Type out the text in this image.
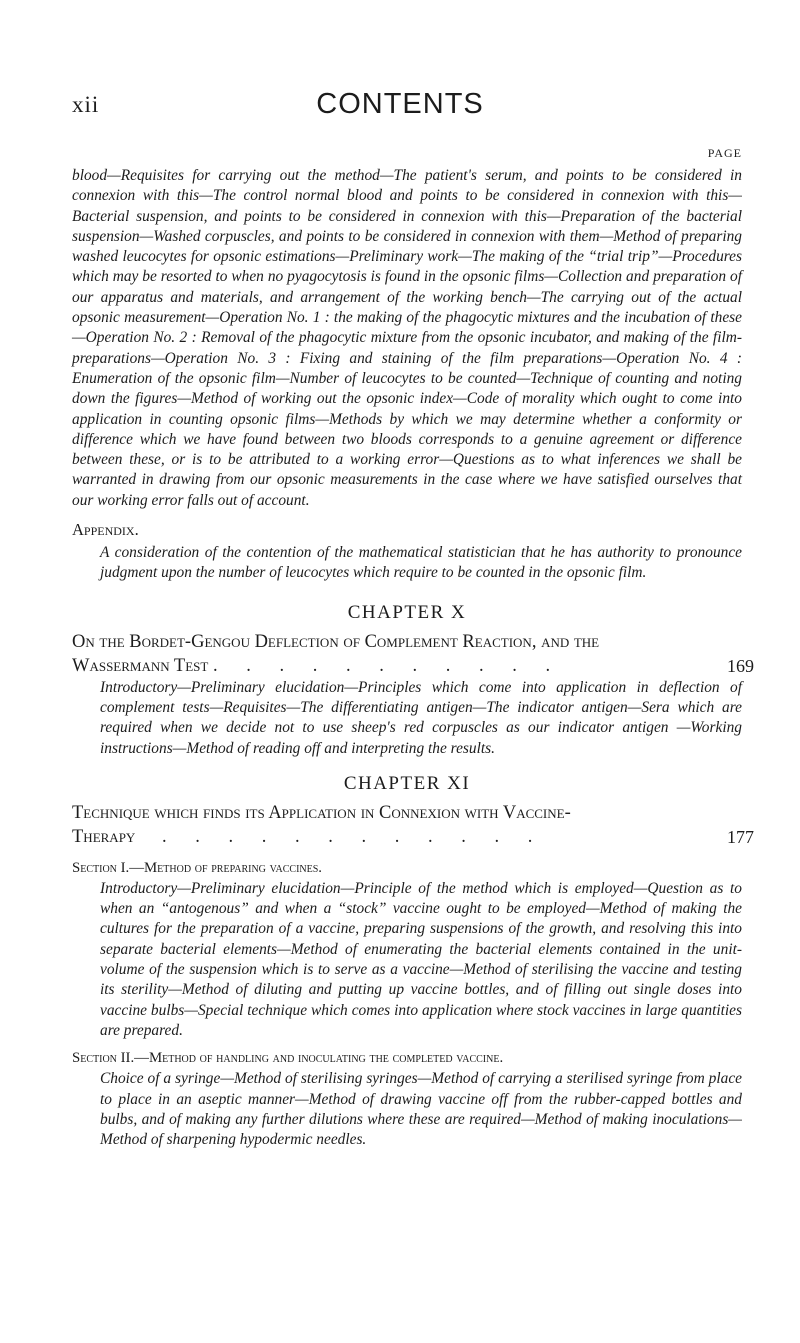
xii	CONTENTS
PAGE

blood—Requisites for carrying out the method—The patient's serum, and points to be considered in connexion with this—The control normal blood and points to be considered in connexion with this—Bacterial suspension, and points to be considered in connexion with this—Preparation of the bacterial suspension—Washed corpuscles, and points to be considered in connexion with them—Method of preparing washed leucocytes for opsonic estimations—Preliminary work—The making of the “trial trip”—Procedures which may be resorted to when no pyagocytosis is found in the opsonic films—Collection and preparation of our apparatus and materials, and arrangement of the working bench—The carrying out of the actual opsonic measurement—Operation No. 1 : the making of the phagocytic mixtures and the incubation of these—Operation No. 2 : Removal of the phagocytic mixture from the opsonic incubator, and making of the film-preparations—Operation No. 3 : Fixing and staining of the film preparations—Operation No. 4 : Enumeration of the opsonic film—Number of leucocytes to be counted—Technique of counting and noting down the figures—Method of working out the opsonic index—Code of morality which ought to come into application in counting opsonic films—Methods by which we may determine whether a conformity or difference which we have found between two bloods corresponds to a genuine agreement or difference between these, or is to be attributed to a working error—Questions as to what inferences we shall be warranted in drawing from our opsonic measurements in the case where we have satisfied ourselves that our working error falls out of account.

Appendix.

A consideration of the contention of the mathematical statistician that he has authority to pronounce judgment upon the number of leucocytes which require to be counted in the opsonic film.

CHAPTER X
On the Bordet-Gengou Deflection of Complement Reaction, and the
Wassermann Test . . . . . . . . . . .	169

Introductory—Preliminary elucidation—Principles which come into application in deflection of complement tests—Requisites—The differentiating antigen—The indicator antigen—Sera which are required when we decide not to use sheep's red corpuscles as our indicator antigen —Working instructions—Method of reading off and interpreting the results.

CHAPTER XI
Technique which finds its Application in Connexion with Vaccine-
Therapy . . . . . . . . . . . .	177
Section I.—Method of preparing vaccines.

Introductory—Preliminary elucidation—Principle of the method which is employed—Question as to when an “antogenous” and when a “stock” vaccine ought to be employed—Method of making the cultures for the preparation of a vaccine, preparing suspensions of the growth, and resolving this into separate bacterial elements—Method of enumerating the bacterial elements contained in the unit-volume of the suspension which is to serve as a vaccine—Method of sterilising the vaccine and testing its sterility—Method of diluting and putting up vaccine bottles, and of filling out single doses into vaccine bulbs—Special technique which comes into application where stock vaccines in large quantities are prepared.

Section II.—Method of handling and inoculating the completed vaccine.

Choice of a syringe—Method of sterilising syringes—Method of carrying a sterilised syringe from place to place in an aseptic manner—Method of drawing vaccine off from the rubber-capped bottles and bulbs, and of making any further dilutions where these are required—Method of making inoculations—Method of sharpening hypodermic needles.
